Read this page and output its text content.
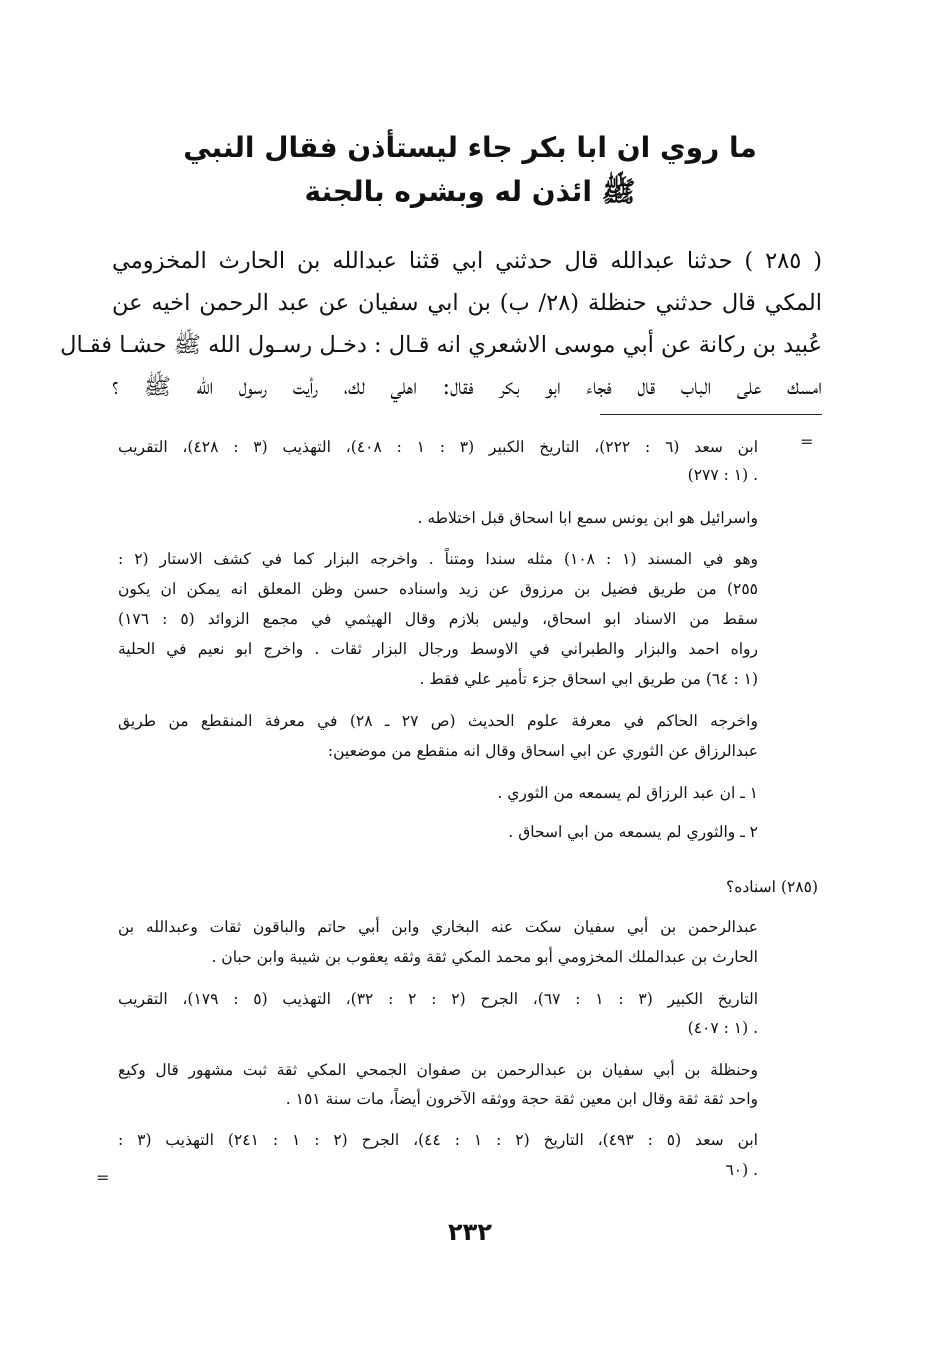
ما روي ان ابا بكر جاء ليستأذن فقال النبي
ﷺ ائذن له وبشره بالجنة
( ٢٨٥ ) حدثنا عبدالله قال حدثني ابي قثنا عبدالله بن الحارث المخزومي
المكي قال حدثني حنظلة (٢٨/ ب) بن ابي سفيان عن عبد الرحمن اخيه عن
عُبيد بن ركانة عن أبي موسى الاشعري انه قـال : دخـل رسـول الله ﷺ حشـا فقـال
امسك على الباب قال فجاء ابو بكر فقال: اهلي لك، رأيت رسول الله ﷺ ؟
=
ابن سعد (٦ : ٢٢٢)، التاريخ الكبير (٣ : ١ : ٤٠٨)، التهذيب (٣ : ٤٢٨)، التقريب
(١ : ٢٧٧) .
واسرائيل هو ابن يونس سمع ابا اسحاق قبل اختلاطه .
وهو في المسند (١ : ١٠٨) مثله سندا ومتناً . واخرجه البزار كما في كشف الاستار (٢ :
٢٥٥) من طريق فضيل بن مرزوق عن زيد واسناده حسن وظن المعلق انه يمكن ان يكون
سقط من الاسناد ابو اسحاق، وليس بلازم وقال الهيثمي في مجمع الزوائد (٥ : ١٧٦)
رواه احمد والبزار والطبراني في الاوسط ورجال البزار ثقات . واخرج ابو نعيم في الحلية
(١ : ٦٤) من طريق ابي اسحاق جزء تأمير علي فقط .
واخرجه الحاكم في معرفة علوم الحديث (ص ٢٧ ـ ٢٨) في معرفة المنقطع من طريق
عبدالرزاق عن الثوري عن ابي اسحاق وقال انه منقطع من موضعين:
١ ـ ان عبد الرزاق لم يسمعه من الثوري .
٢ ـ والثوري لم يسمعه من ابي اسحاق .
(٢٨٥) اسناده؟
عبدالرحمن بن أبي سفيان سكت عنه البخاري وابن أبي حاتم والباقون ثقات وعبدالله بن
الحارث بن عبدالملك المخزومي أبو محمد المكي ثقة وثقه يعقوب بن شيبة وابن حبان .
التاريخ الكبير (٣ : ١ : ٦٧)، الجرح (٢ : ٢ : ٣٢)، التهذيب (٥ : ١٧٩)، التقريب
(١ : ٤٠٧) .
وحنظلة بن أبي سفيان بن عبدالرحمن بن صفوان الجمحي المكي ثقة ثبت مشهور قال وكيع
واحد ثقة ثقة وقال ابن معين ثقة حجة ووثقه الآخرون أيضاً، مات سنة ١٥١ .
ابن سعد (٥ : ٤٩٣)، التاريخ (٢ : ١ : ٤٤)، الجرح (٢ : ١ : ٢٤١) التهذيب (٣ :
٦٠) .
=
٢٣٢
